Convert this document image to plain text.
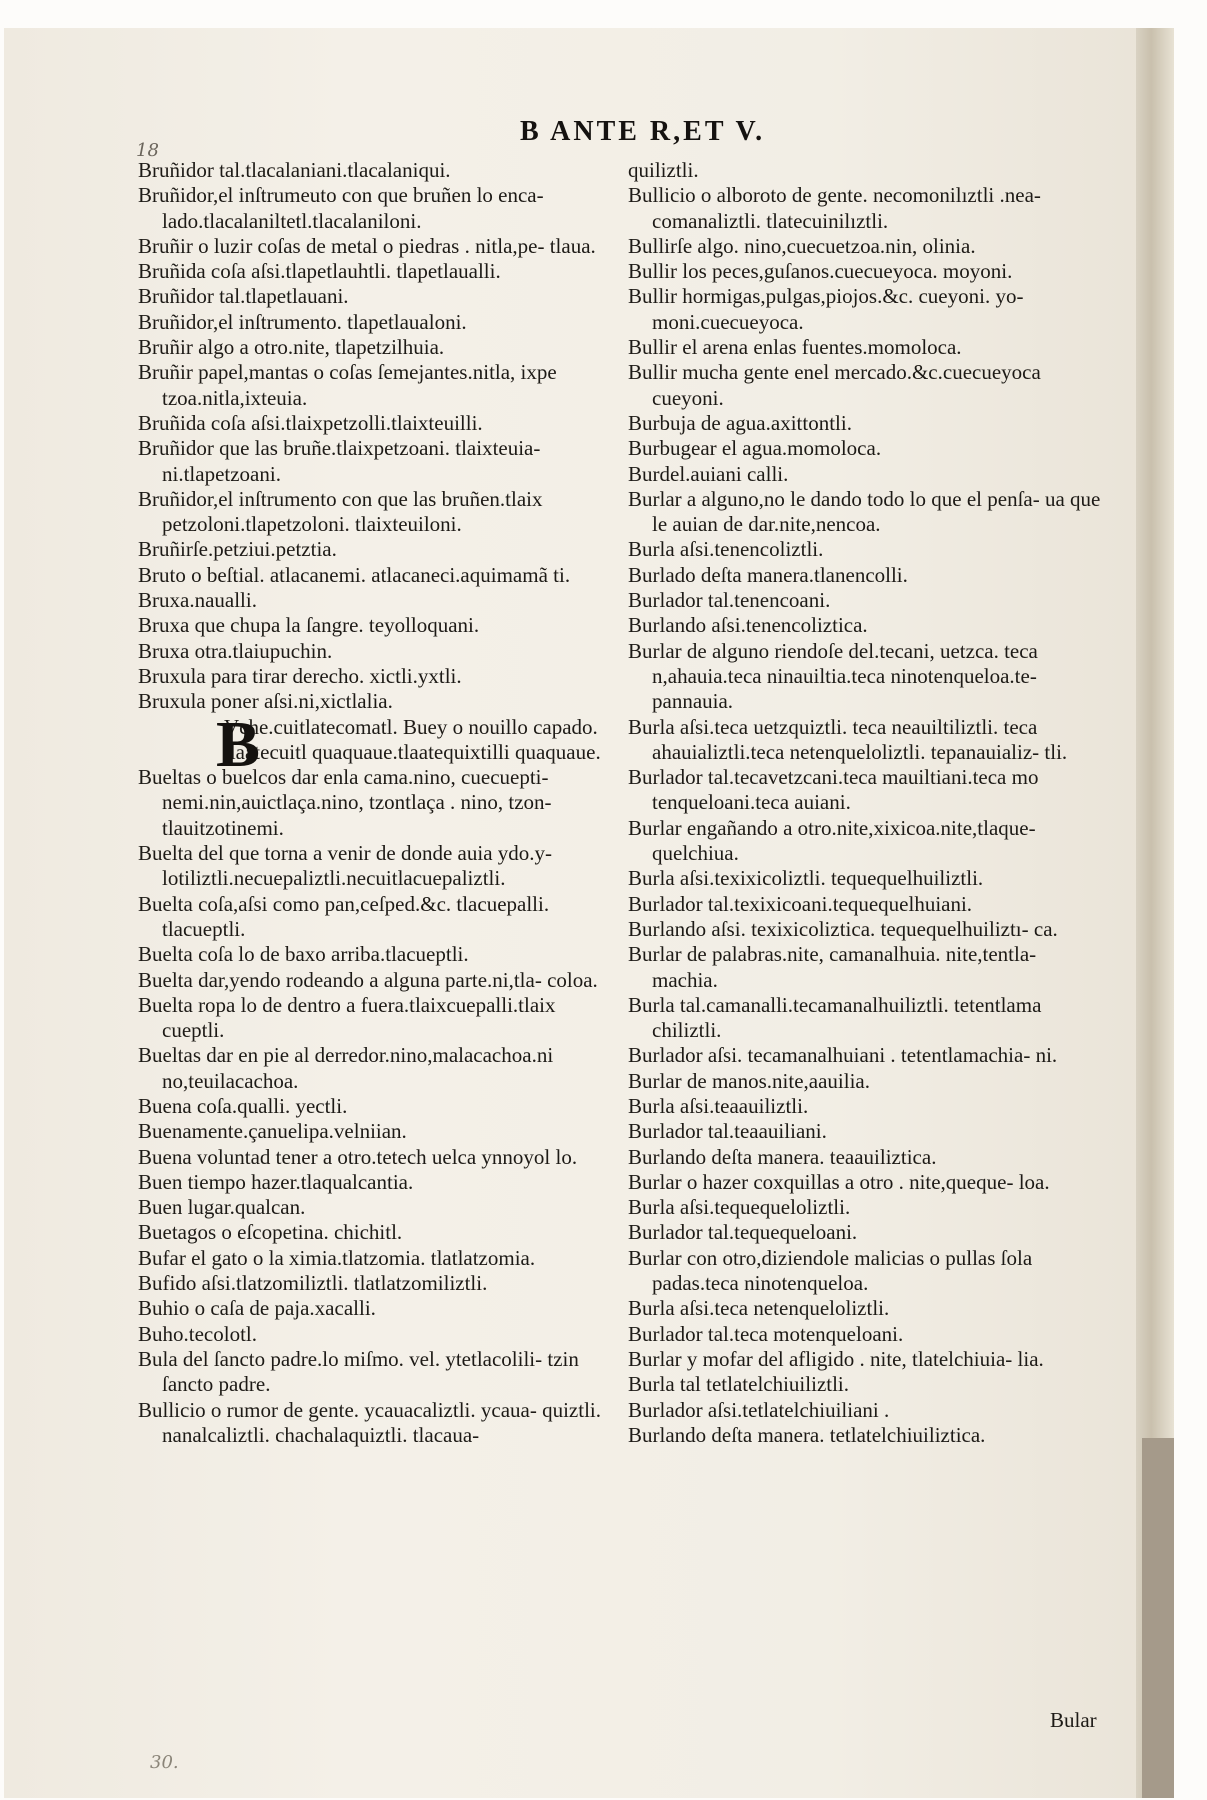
B ANTE R,ET V.
18
Bruñidor tal.tlacalaniani.tlacalaniqui.
Bruñidor,el inſtrumeuto con que bruñen lo enca- lado.tlacalaniltetl.tlacalaniloni.
Bruñir o luzir coſas de metal o piedras . nitla,pe- tlaua.
Bruñida coſa aſsi.tlapetlauhtli. tlapetlaualli.
Bruñidor tal.tlapetlauani.
Bruñidor,el inſtrumento. tlapetlaualoni.
Bruñir algo a otro.nite, tlapetzilhuia.
Bruñir papel,mantas o coſas ſemejantes.nitla, ixpe tzoa.nitla,ixteuia.
Bruñida coſa aſsi.tlaixpetzolli.tlaixteuilli.
Bruñidor que las bruñe.tlaixpetzoani. tlaixteuia- ni.tlapetzoani.
Bruñidor,el inſtrumento con que las bruñen.tlaix petzoloni.tlapetzoloni. tlaixteuiloni.
Bruñirſe.petziui.petztia.
Bruto o beſtial. atlacanemi. atlacaneci.aquimamã ti.
Bruxa.naualli.
Bruxa que chupa la ſangre. teyolloquani.
Bruxa otra.tlaiupuchin.
Bruxula para tirar derecho. xictli.yxtli.
Bruxula poner aſsi.ni,xictlalia.
B
Vche.cuitlatecomatl. Buey o nouillo capado. tlaatecuitl quaquaue.tlaatequixtilli quaquaue.
Bueltas o buelcos dar enla cama.nino, cuecuepti- nemi.nin,auictlaça.nino, tzontlaça . nino, tzon- tlauitzotinemi.
Buelta del que torna a venir de donde auia ydo.y- lotiliztli.necuepaliztli.necuitlacuepaliztli.
Buelta coſa,aſsi como pan,ceſped.&c. tlacuepalli. tlacueptli.
Buelta coſa lo de baxo arriba.tlacueptli.
Buelta dar,yendo rodeando a alguna parte.ni,tla- coloa.
Buelta ropa lo de dentro a fuera.tlaixcuepalli.tlaix cueptli.
Bueltas dar en pie al derredor.nino,malacachoa.ni no,teuilacachoa.
Buena coſa.qualli. yectli.
Buenamente.çanuelipa.velniian.
Buena voluntad tener a otro.tetech uelca ynnoyol lo.
Buen tiempo hazer.tlaqualcantia.
Buen lugar.qualcan.
Buetagos o eſcopetina. chichitl.
Bufar el gato o la ximia.tlatzomia. tlatlatzomia.
Bufido aſsi.tlatzomiliztli. tlatlatzomiliztli.
Buhio o caſa de paja.xacalli.
Buho.tecolotl.
Bula del ſancto padre.lo miſmo. vel. ytetlacolili- tzin ſancto padre.
Bullicio o rumor de gente. ycauacaliztli. ycaua- quiztli. nanalcaliztli. chachalaquiztli. tlacaua-
quiliztli.
Bullicio o alboroto de gente. necomonilıztli .nea- comanaliztli. tlatecuinilıztli.
Bullirſe algo. nino,cuecuetzoa.nin, olinia.
Bullir los peces,guſanos.cuecueyoca. moyoni.
Bullir hormigas,pulgas,piojos.&c. cueyoni. yo- moni.cuecueyoca.
Bullir el arena enlas fuentes.momoloca.
Bullir mucha gente enel mercado.&c.cuecueyoca cueyoni.
Burbuja de agua.axittontli.
Burbugear el agua.momoloca.
Burdel.auiani calli.
Burlar a alguno,no le dando todo lo que el penſa- ua que le auian de dar.nite,nencoa.
Burla aſsi.tenencoliztli.
Burlado deſta manera.tlanencolli.
Burlador tal.tenencoani.
Burlando aſsi.tenencoliztica.
Burlar de alguno riendoſe del.tecani, uetzca. teca n,ahauia.teca ninauiltia.teca ninotenqueloa.te- pannauia.
Burla aſsi.teca uetzquiztli. teca neauiltiliztli. teca ahauializtli.teca netenqueloliztli. tepanauializ- tli.
Burlador tal.tecavetzcani.teca mauiltiani.teca mo tenqueloani.teca auiani.
Burlar engañando a otro.nite,xixicoa.nite,tlaque- quelchiua.
Burla aſsi.texixicoliztli. tequequelhuiliztli.
Burlador tal.texixicoani.tequequelhuiani.
Burlando aſsi. texixicoliztica. tequequelhuiliztı- ca.
Burlar de palabras.nite, camanalhuia. nite,tentla- machia.
Burla tal.camanalli.tecamanalhuiliztli. tetentlama chiliztli.
Burlador aſsi. tecamanalhuiani . tetentlamachia- ni.
Burlar de manos.nite,aauilia.
Burla aſsi.teaauiliztli.
Burlador tal.teaauiliani.
Burlando deſta manera. teaauiliztica.
Burlar o hazer coxquillas a otro . nite,queque- loa.
Burla aſsi.tequequeloliztli.
Burlador tal.tequequeloani.
Burlar con otro,diziendole malicias o pullas ſola padas.teca ninotenqueloa.
Burla aſsi.teca netenqueloliztli.
Burlador tal.teca motenqueloani.
Burlar y mofar del afligido . nite, tlatelchiuia- lia.
Burla tal tetlatelchiuiliztli.
Burlador aſsi.tetlatelchiuiliani .
Burlando deſta manera. tetlatelchiuiliztica.
Bular
30.
